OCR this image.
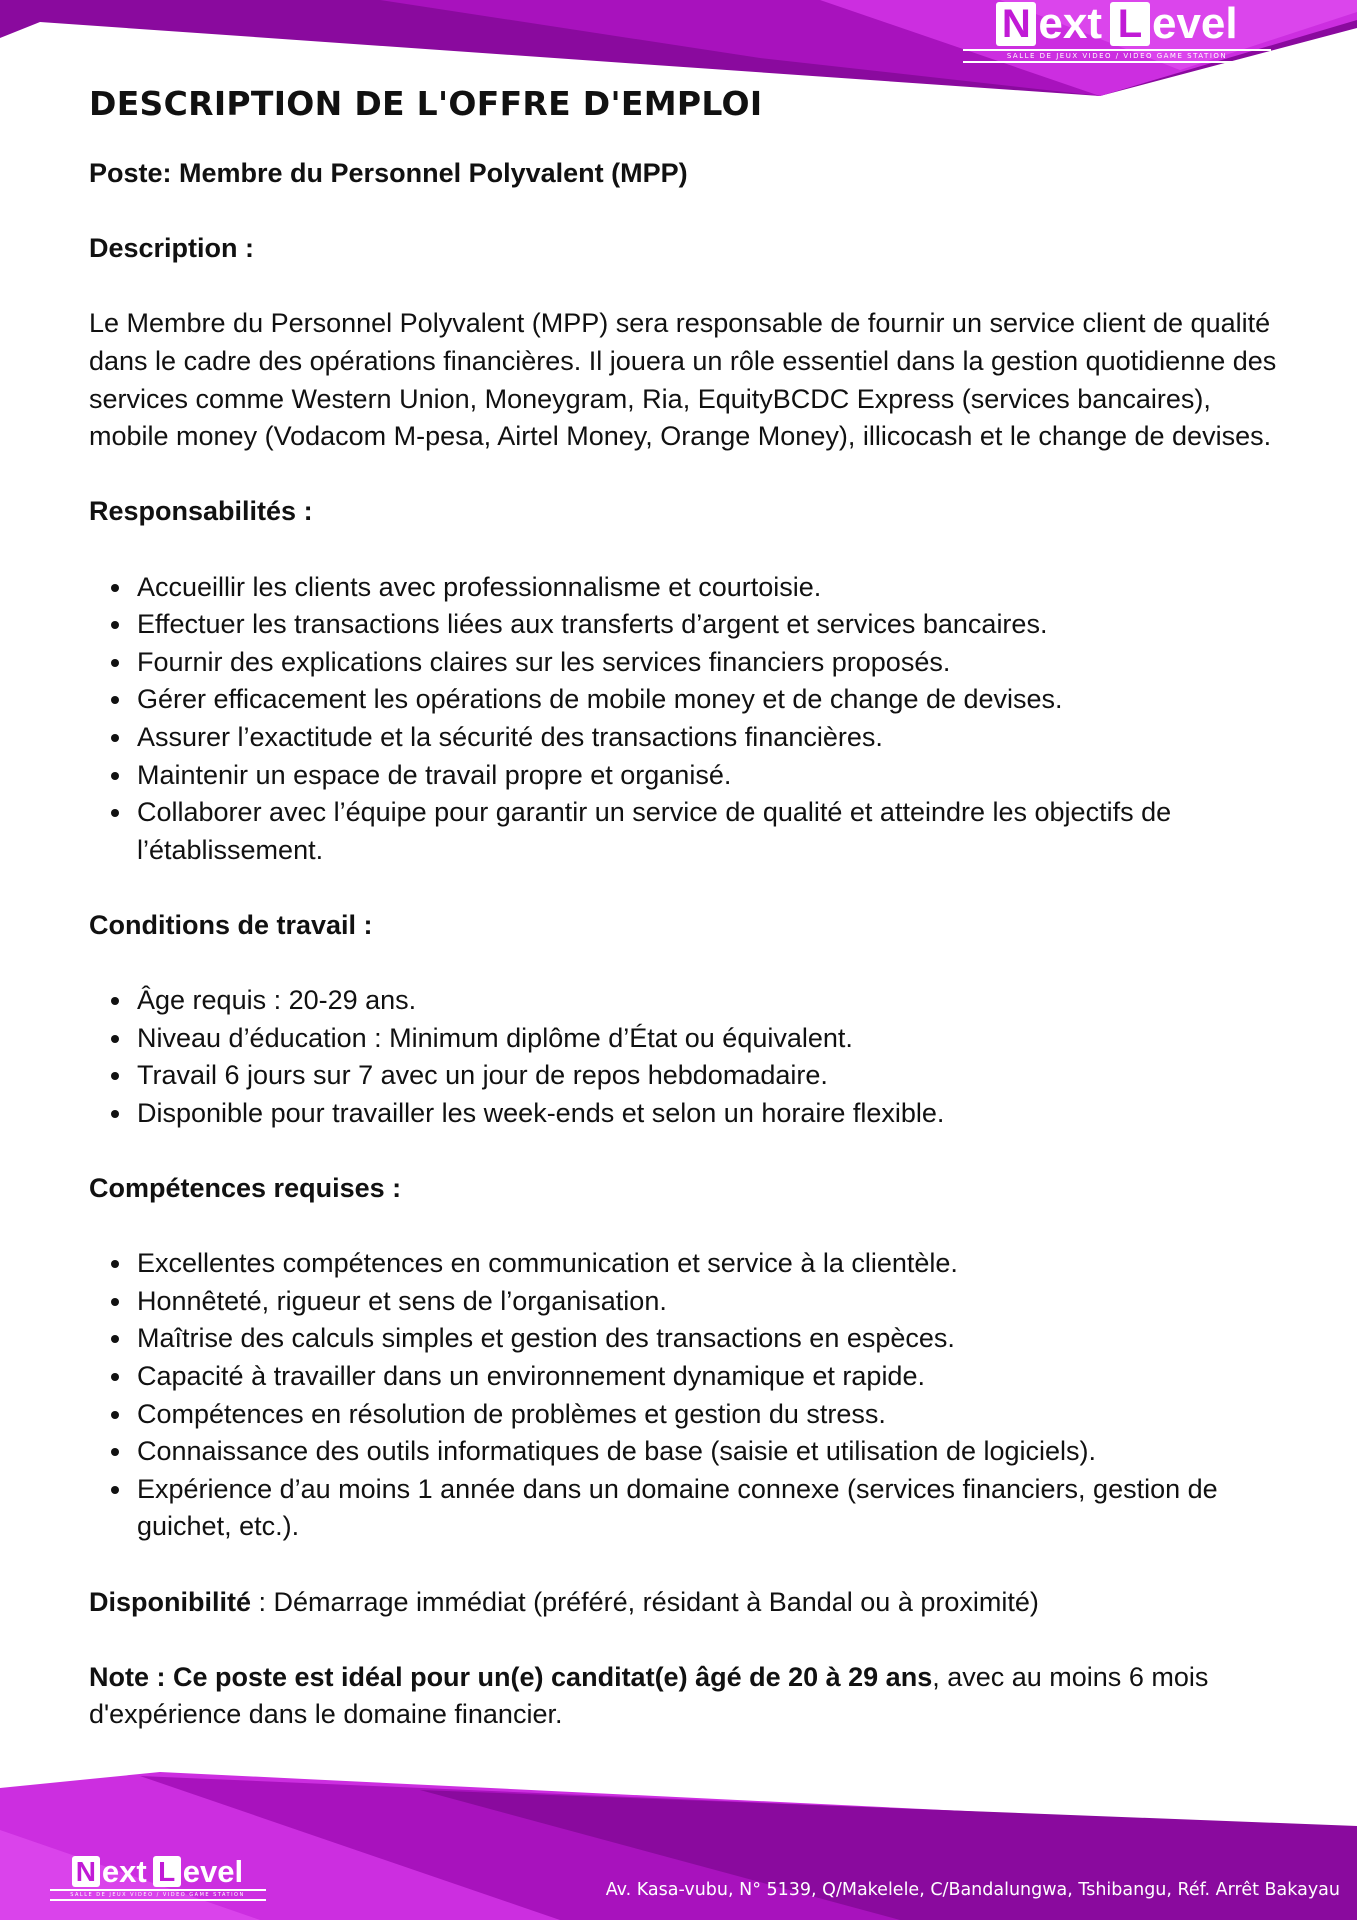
N ext L evel
SALLE DE JEUX VIDEO / VIDEO GAME STATION
DESCRIPTION DE L'OFFRE D'EMPLOI

Poste: Membre du Personnel Polyvalent (MPP)

Description :

Le Membre du Personnel Polyvalent (MPP) sera responsable de fournir un service client de qualité dans le cadre des opérations financières. Il jouera un rôle essentiel dans la gestion quotidienne des services comme Western Union, Moneygram, Ria, EquityBCDC Express (services bancaires), mobile money (Vodacom M-pesa, Airtel Money, Orange Money), illicocash et le change de devises.

Responsabilités :

Accueillir les clients avec professionnalisme et courtoisie.
Effectuer les transactions liées aux transferts d’argent et services bancaires.
Fournir des explications claires sur les services financiers proposés.
Gérer efficacement les opérations de mobile money et de change de devises.
Assurer l’exactitude et la sécurité des transactions financières.
Maintenir un espace de travail propre et organisé.
Collaborer avec l’équipe pour garantir un service de qualité et atteindre les objectifs de l’établissement.

Conditions de travail :

Âge requis : 20-29 ans.
Niveau d’éducation : Minimum diplôme d’État ou équivalent.
Travail 6 jours sur 7 avec un jour de repos hebdomadaire.
Disponible pour travailler les week-ends et selon un horaire flexible.

Compétences requises :

Excellentes compétences en communication et service à la clientèle.
Honnêteté, rigueur et sens de l’organisation.
Maîtrise des calculs simples et gestion des transactions en espèces.
Capacité à travailler dans un environnement dynamique et rapide.
Compétences en résolution de problèmes et gestion du stress.
Connaissance des outils informatiques de base (saisie et utilisation de logiciels).
Expérience d’au moins 1 année dans un domaine connexe (services financiers, gestion de guichet, etc.).

Disponibilité : Démarrage immédiat (préféré, résidant à Bandal ou à proximité)

Note : Ce poste est idéal pour un(e) canditat(e) âgé de 20 à 29 ans, avec au moins 6 mois d'expérience dans le domaine financier.

N ext L evel
SALLE DE JEUX VIDEO / VIDEO GAME STATION	Av. Kasa-vubu, N° 5139, Q/Makelele, C/Bandalungwa, Tshibangu, Réf. Arrêt Bakayau
